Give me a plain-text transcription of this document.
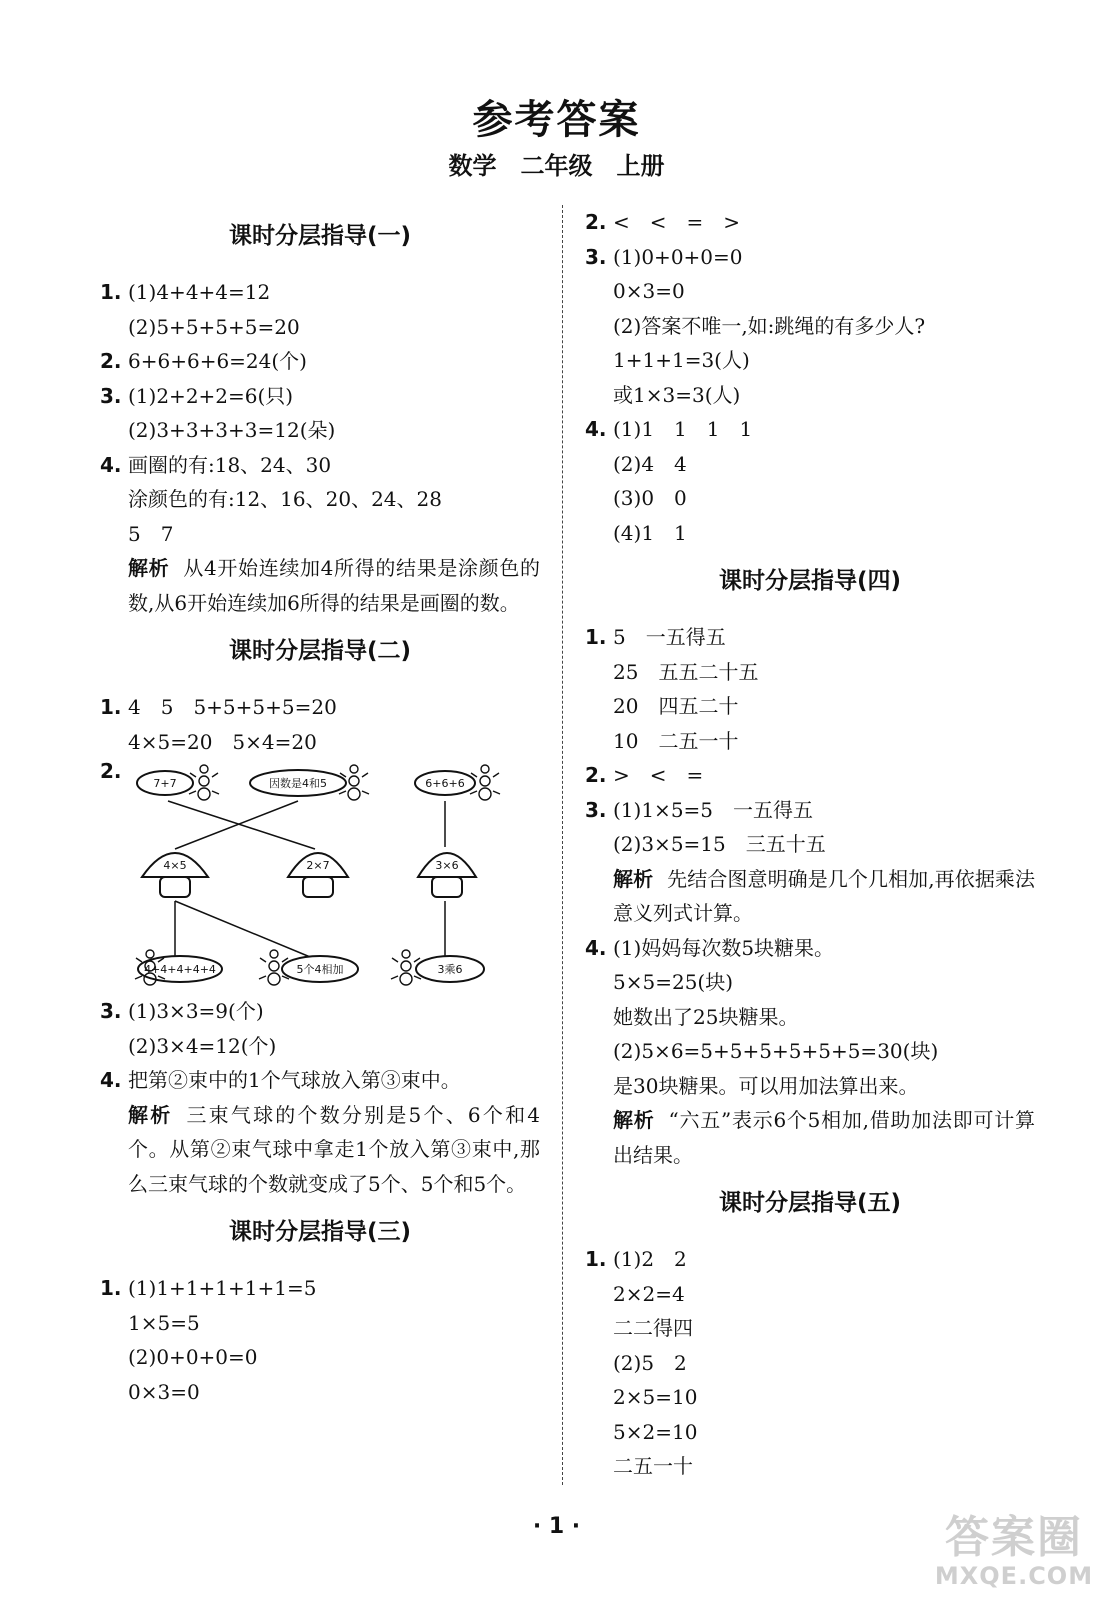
参考答案
数学　二年级　上册
课时分层指导(一)
1. (1)4+4+4=12
(2)5+5+5+5=20
2. 6+6+6+6=24(个)
3. (1)2+2+2=6(只)
(2)3+3+3+3=12(朵)
4. 画圈的有:18、24、30
涂颜色的有:12、16、20、24、28
5　7
解析 从4开始连续加4所得的结果是涂颜色的数,从6开始连续加6所得的结果是画圈的数。
课时分层指导(二)
1. 4　5　5+5+5+5=20
4×5=20　5×4=20
2.
7+7	因数是4和5	6+6+6
4×5	2×7	3×6
4+4+4+4+4	5个4相加	3乘6
3. (1)3×3=9(个)
(2)3×4=12(个)
4. 把第②束中的1个气球放入第③束中。
解析 三束气球的个数分别是5个、6个和4个。从第②束气球中拿走1个放入第③束中,那么三束气球的个数就变成了5个、5个和5个。
课时分层指导(三)
1. (1)1+1+1+1+1=5
1×5=5
(2)0+0+0=0
0×3=0
2. <　<　=　>
3. (1)0+0+0=0
0×3=0
(2)答案不唯一,如:跳绳的有多少人?
1+1+1=3(人)
或1×3=3(人)
4. (1)1　1　1　1
(2)4　4
(3)0　0
(4)1　1
课时分层指导(四)
1. 5　一五得五
25　五五二十五
20　四五二十
10　二五一十
2. >　<　=
3. (1)1×5=5　一五得五
(2)3×5=15　三五十五
解析 先结合图意明确是几个几相加,再依据乘法意义列式计算。
4. (1)妈妈每次数5块糖果。
5×5=25(块)
她数出了25块糖果。
(2)5×6=5+5+5+5+5+5=30(块)
是30块糖果。可以用加法算出来。
解析 “六五”表示6个5相加,借助加法即可计算出结果。
课时分层指导(五)
1. (1)2　2
2×2=4
二二得四
(2)5　2
2×5=10
5×2=10
二五一十
· 1 ·	答案圈
MXQE.COM
